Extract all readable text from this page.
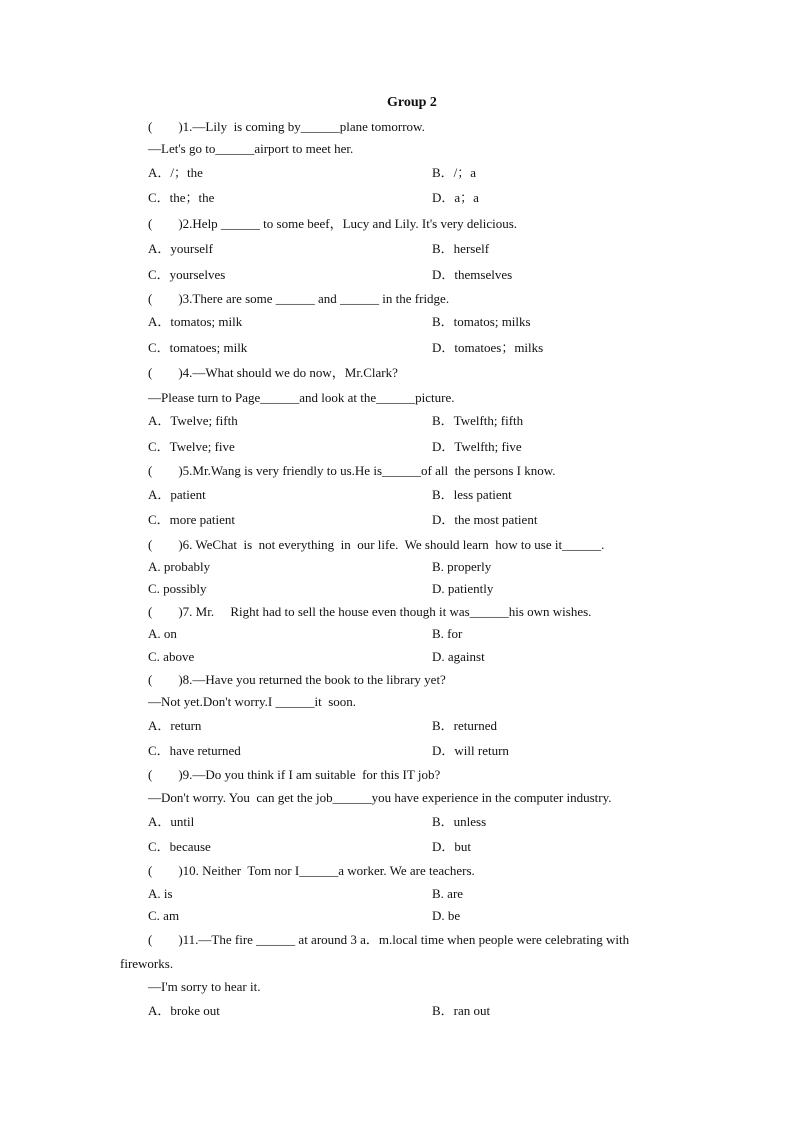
Group 2
(        )1.—Lily  is coming by______plane tomorrow.
—Let's go to______airport to meet her.
A．/；the	B．/；a
C．the；the	D．a；a
(        )2.Help ______ to some beef，Lucy and Lily. It's very delicious.
A．yourself	B．herself
C．yourselves	D．themselves
(        )3.There are some ______ and ______ in the fridge.
A．tomatos; milk	B．tomatos; milks
C．tomatoes; milk	D．tomatoes；milks
(        )4.—What should we do now，Mr.Clark?
—Please turn to Page______and look at the______picture.
A．Twelve; fifth	B．Twelfth; fifth
C．Twelve; five	D．Twelfth; five
(        )5.Mr.Wang is very friendly to us.He is______of all  the persons I know.
A．patient	B．less patient
C．more patient	D．the most patient
(        )6. WeChat  is  not everything  in  our life.  We should learn  how to use it______.
A. probably	B. properly
C. possibly	D. patiently
(        )7. Mr.     Right had to sell the house even though it was______his own wishes.
A. on	B. for
C. above	D. against
(        )8.—Have you returned the book to the library yet?
—Not yet.Don't worry.I ______it  soon.
A．return	B．returned
C．have returned	D．will return
(        )9.—Do you think if I am suitable  for this IT job?
—Don't worry. You  can get the job______you have experience in the computer industry.
A．until	B．unless
C．because	D．but
(        )10. Neither  Tom nor I______a worker. We are teachers.
A. is	B. are
C. am	D. be
(        )11.—The fire ______ at around 3 a．m.local time when people were celebrating with
fireworks.
—I'm sorry to hear it.
A．broke out	B．ran out
